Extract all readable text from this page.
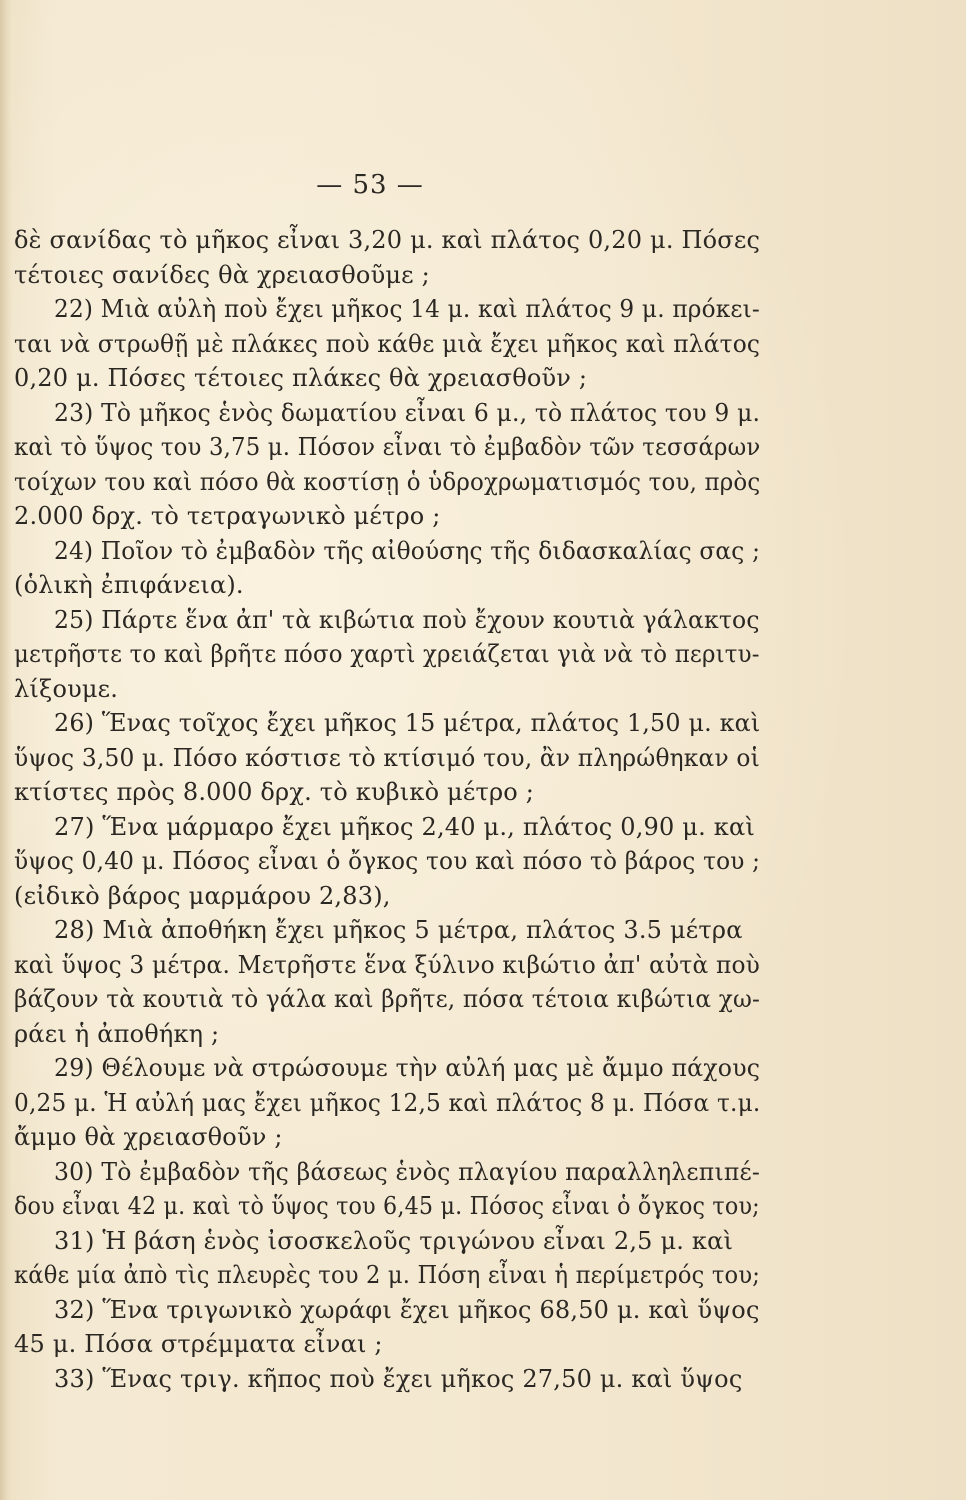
— 53 —
δὲ σανίδας τὸ μῆκος εἶναι 3,20 μ. καὶ πλάτος 0,20 μ. Πόσες
τέτοιες σανίδες θὰ χρειασθοῦμε ;
22) Μιὰ αὐλὴ ποὺ ἔχει μῆκος 14 μ. καὶ πλάτος 9 μ. πρόκει-
ται νὰ στρωθῇ μὲ πλάκες ποὺ κάθε μιὰ ἔχει μῆκος καὶ πλάτος
0,20 μ. Πόσες τέτοιες πλάκες θὰ χρειασθοῦν ;
23) Τὸ μῆκος ἑνὸς δωματίου εἶναι 6 μ., τὸ πλάτος του 9 μ.
καὶ τὸ ὕψος του 3,75 μ. Πόσον εἶναι τὸ ἐμβαδὸν τῶν τεσσάρων
τοίχων του καὶ πόσο θὰ κοστίσῃ ὁ ὑδροχρωματισμός του, πρὸς
2.000 δρχ. τὸ τετραγωνικὸ μέτρο ;
24) Ποῖον τὸ ἐμβαδὸν τῆς αἰθούσης τῆς διδασκαλίας σας ;
(ὁλικὴ ἐπιφάνεια).
25) Πάρτε ἕνα ἀπ' τὰ κιβώτια ποὺ ἔχουν κουτιὰ γάλακτος
μετρῆστε το καὶ βρῆτε πόσο χαρτὶ χρειάζεται γιὰ νὰ τὸ περιτυ-
λίξουμε.
26) Ἕνας τοῖχος ἔχει μῆκος 15 μέτρα, πλάτος 1,50 μ. καὶ
ὕψος 3,50 μ. Πόσο κόστισε τὸ κτίσιμό του, ἂν πληρώθηκαν οἱ
κτίστες πρὸς 8.000 δρχ. τὸ κυβικὸ μέτρο ;
27) Ἕνα μάρμαρο ἔχει μῆκος 2,40 μ., πλάτος 0,90 μ. καὶ
ὕψος 0,40 μ. Πόσος εἶναι ὁ ὄγκος του καὶ πόσο τὸ βάρος του ;
(εἰδικὸ βάρος μαρμάρου 2,83),
28) Μιὰ ἀποθήκη ἔχει μῆκος 5 μέτρα, πλάτος 3.5 μέτρα
καὶ ὕψος 3 μέτρα. Μετρῆστε ἕνα ξύλινο κιβώτιο ἀπ' αὐτὰ ποὺ
βάζουν τὰ κουτιὰ τὸ γάλα καὶ βρῆτε, πόσα τέτοια κιβώτια χω-
ράει ἡ ἀποθήκη ;
29) Θέλουμε νὰ στρώσουμε τὴν αὐλή μας μὲ ἄμμο πάχους
0,25 μ. Ἡ αὐλή μας ἔχει μῆκος 12,5 καὶ πλάτος 8 μ. Πόσα τ.μ.
ἄμμο θὰ χρειασθοῦν ;
30) Τὸ ἐμβαδὸν τῆς βάσεως ἑνὸς πλαγίου παραλληλεπιπέ-
δου εἶναι 42 μ. καὶ τὸ ὕψος του 6,45 μ. Πόσος εἶναι ὁ ὄγκος του;
31) Ἡ βάση ἑνὸς ἰσοσκελοῦς τριγώνου εἶναι 2,5 μ. καὶ
κάθε μία ἀπὸ τὶς πλευρὲς του 2 μ. Πόση εἶναι ἡ περίμετρός του;
32) Ἕνα τριγωνικὸ χωράφι ἔχει μῆκος 68,50 μ. καὶ ὕψος
45 μ. Πόσα στρέμματα εἶναι ;
33) Ἕνας τριγ. κῆπος ποὺ ἔχει μῆκος 27,50 μ. καὶ ὕψος
